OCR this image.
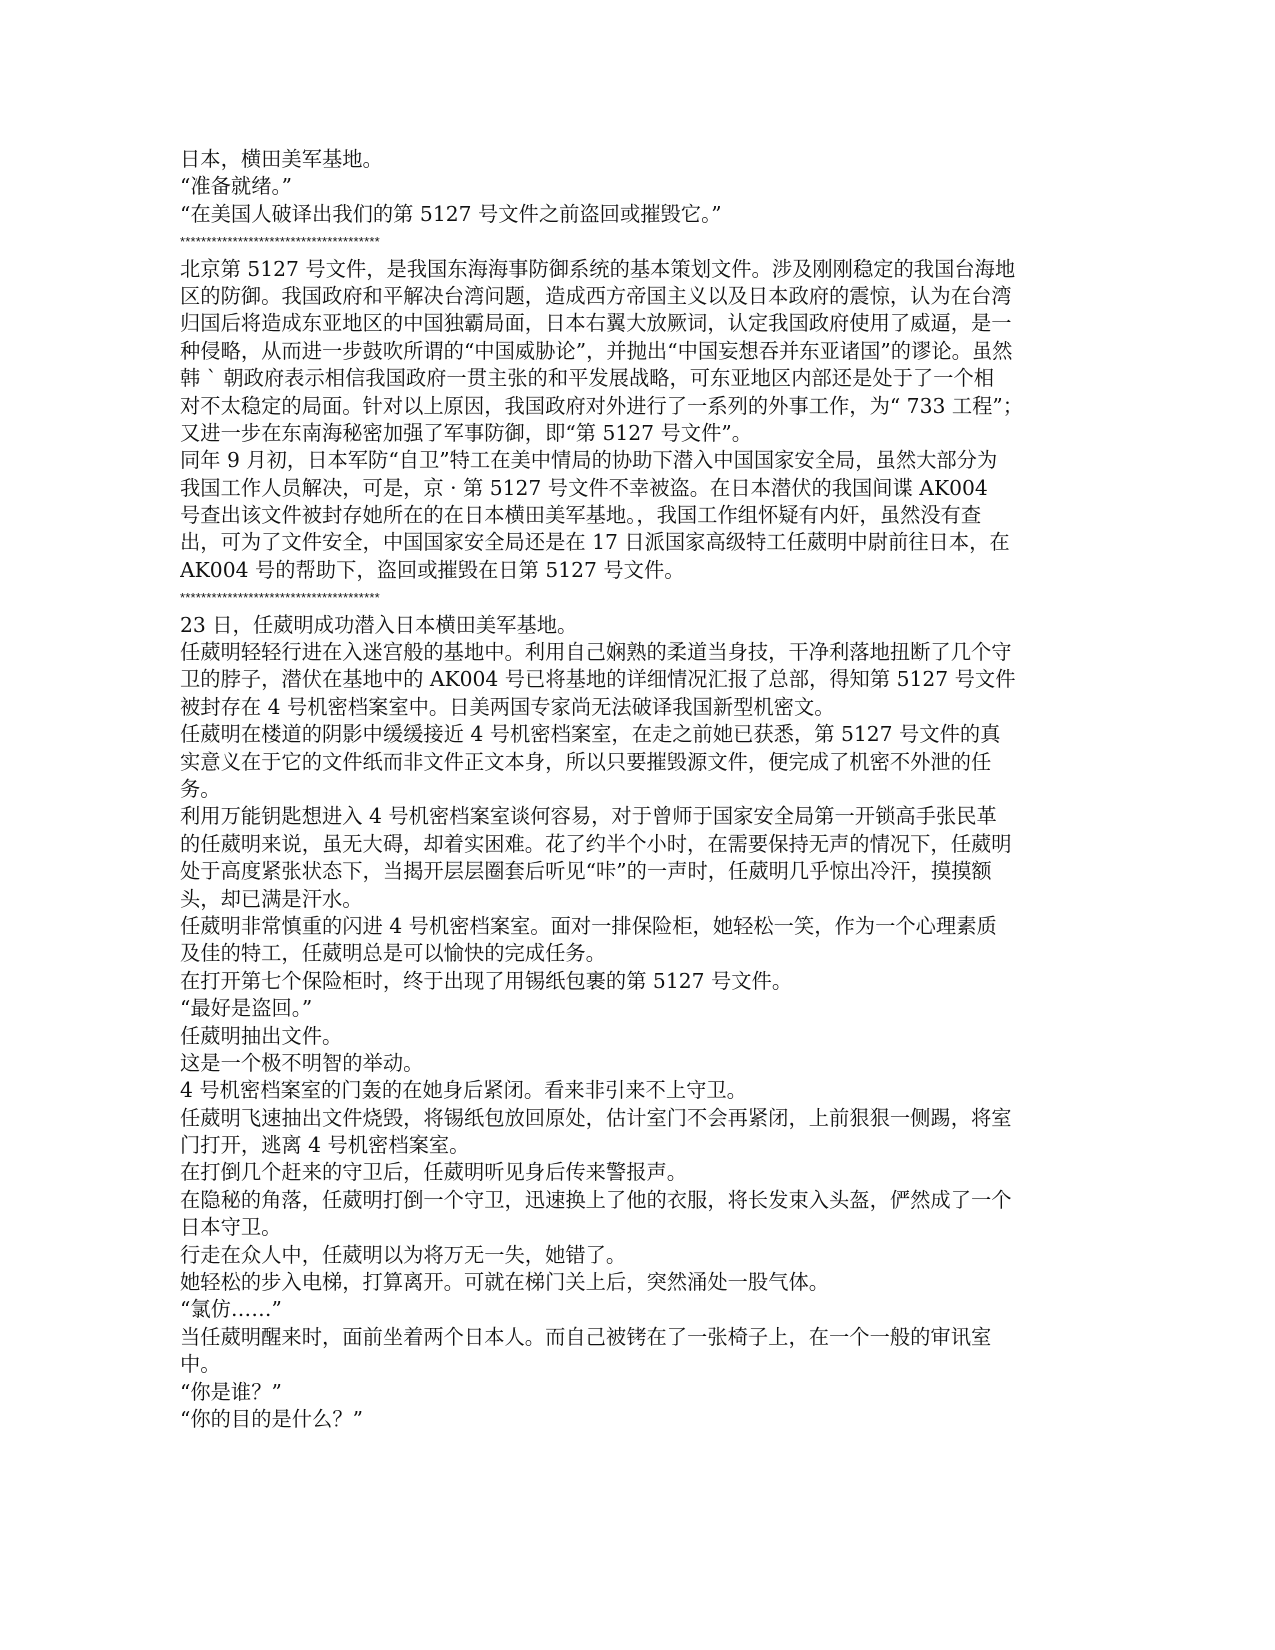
日本，横田美军基地。
“准备就绪。”
“在美国人破译出我们的第 5127 号文件之前盗回或摧毁它。”
**************************************
北京第 5127 号文件，是我国东海海事防御系统的基本策划文件。涉及刚刚稳定的我国台海地
区的防御。我国政府和平解决台湾问题，造成西方帝国主义以及日本政府的震惊，认为在台湾
归国后将造成东亚地区的中国独霸局面，日本右翼大放厥词，认定我国政府使用了威逼，是一
种侵略，从而进一步鼓吹所谓的“中国威胁论”，并抛出“中国妄想吞并东亚诸国”的谬论。虽然
韩 ` 朝政府表示相信我国政府一贯主张的和平发展战略，可东亚地区内部还是处于了一个相
对不太稳定的局面。针对以上原因，我国政府对外进行了一系列的外事工作，为“ 733 工程”；
又进一步在东南海秘密加强了军事防御，即“第 5127 号文件”。
同年 9 月初，日本军防“自卫”特工在美中情局的协助下潜入中国国家安全局，虽然大部分为
我国工作人员解决，可是，京 · 第 5127 号文件不幸被盗。在日本潜伏的我国间谍 AK004
号查出该文件被封存她所在的在日本横田美军基地。，我国工作组怀疑有内奸，虽然没有查
出，可为了文件安全，中国国家安全局还是在 17 日派国家高级特工任葳明中尉前往日本，在
AK004 号的帮助下，盗回或摧毁在日第 5127 号文件。
**************************************
23 日，任葳明成功潜入日本横田美军基地。
任葳明轻轻行进在入迷宫般的基地中。利用自己娴熟的柔道当身技，干净利落地扭断了几个守
卫的脖子，潜伏在基地中的 AK004 号已将基地的详细情况汇报了总部，得知第 5127 号文件
被封存在 4 号机密档案室中。日美两国专家尚无法破译我国新型机密文。
任葳明在楼道的阴影中缓缓接近 4 号机密档案室，在走之前她已获悉，第 5127 号文件的真
实意义在于它的文件纸而非文件正文本身，所以只要摧毁源文件，便完成了机密不外泄的任
务。
利用万能钥匙想进入 4 号机密档案室谈何容易，对于曾师于国家安全局第一开锁高手张民革
的任葳明来说，虽无大碍，却着实困难。花了约半个小时，在需要保持无声的情况下，任葳明
处于高度紧张状态下，当揭开层层圈套后听见“咔”的一声时，任葳明几乎惊出冷汗，摸摸额
头，却已满是汗水。
任葳明非常慎重的闪进 4 号机密档案室。面对一排保险柜，她轻松一笑，作为一个心理素质
及佳的特工，任葳明总是可以愉快的完成任务。
在打开第七个保险柜时，终于出现了用锡纸包裹的第 5127 号文件。
“最好是盗回。”
任葳明抽出文件。
这是一个极不明智的举动。
4 号机密档案室的门轰的在她身后紧闭。看来非引来不上守卫。
任葳明飞速抽出文件烧毁，将锡纸包放回原处，估计室门不会再紧闭，上前狠狠一侧踢，将室
门打开，逃离 4 号机密档案室。
在打倒几个赶来的守卫后，任葳明听见身后传来警报声。
在隐秘的角落，任葳明打倒一个守卫，迅速换上了他的衣服，将长发束入头盔，俨然成了一个
日本守卫。
行走在众人中，任葳明以为将万无一失，她错了。
她轻松的步入电梯，打算离开。可就在梯门关上后，突然涌处一股气体。
“氯仿……”
当任葳明醒来时，面前坐着两个日本人。而自己被铐在了一张椅子上，在一个一般的审讯室
中。
“你是谁？”
“你的目的是什么？”
